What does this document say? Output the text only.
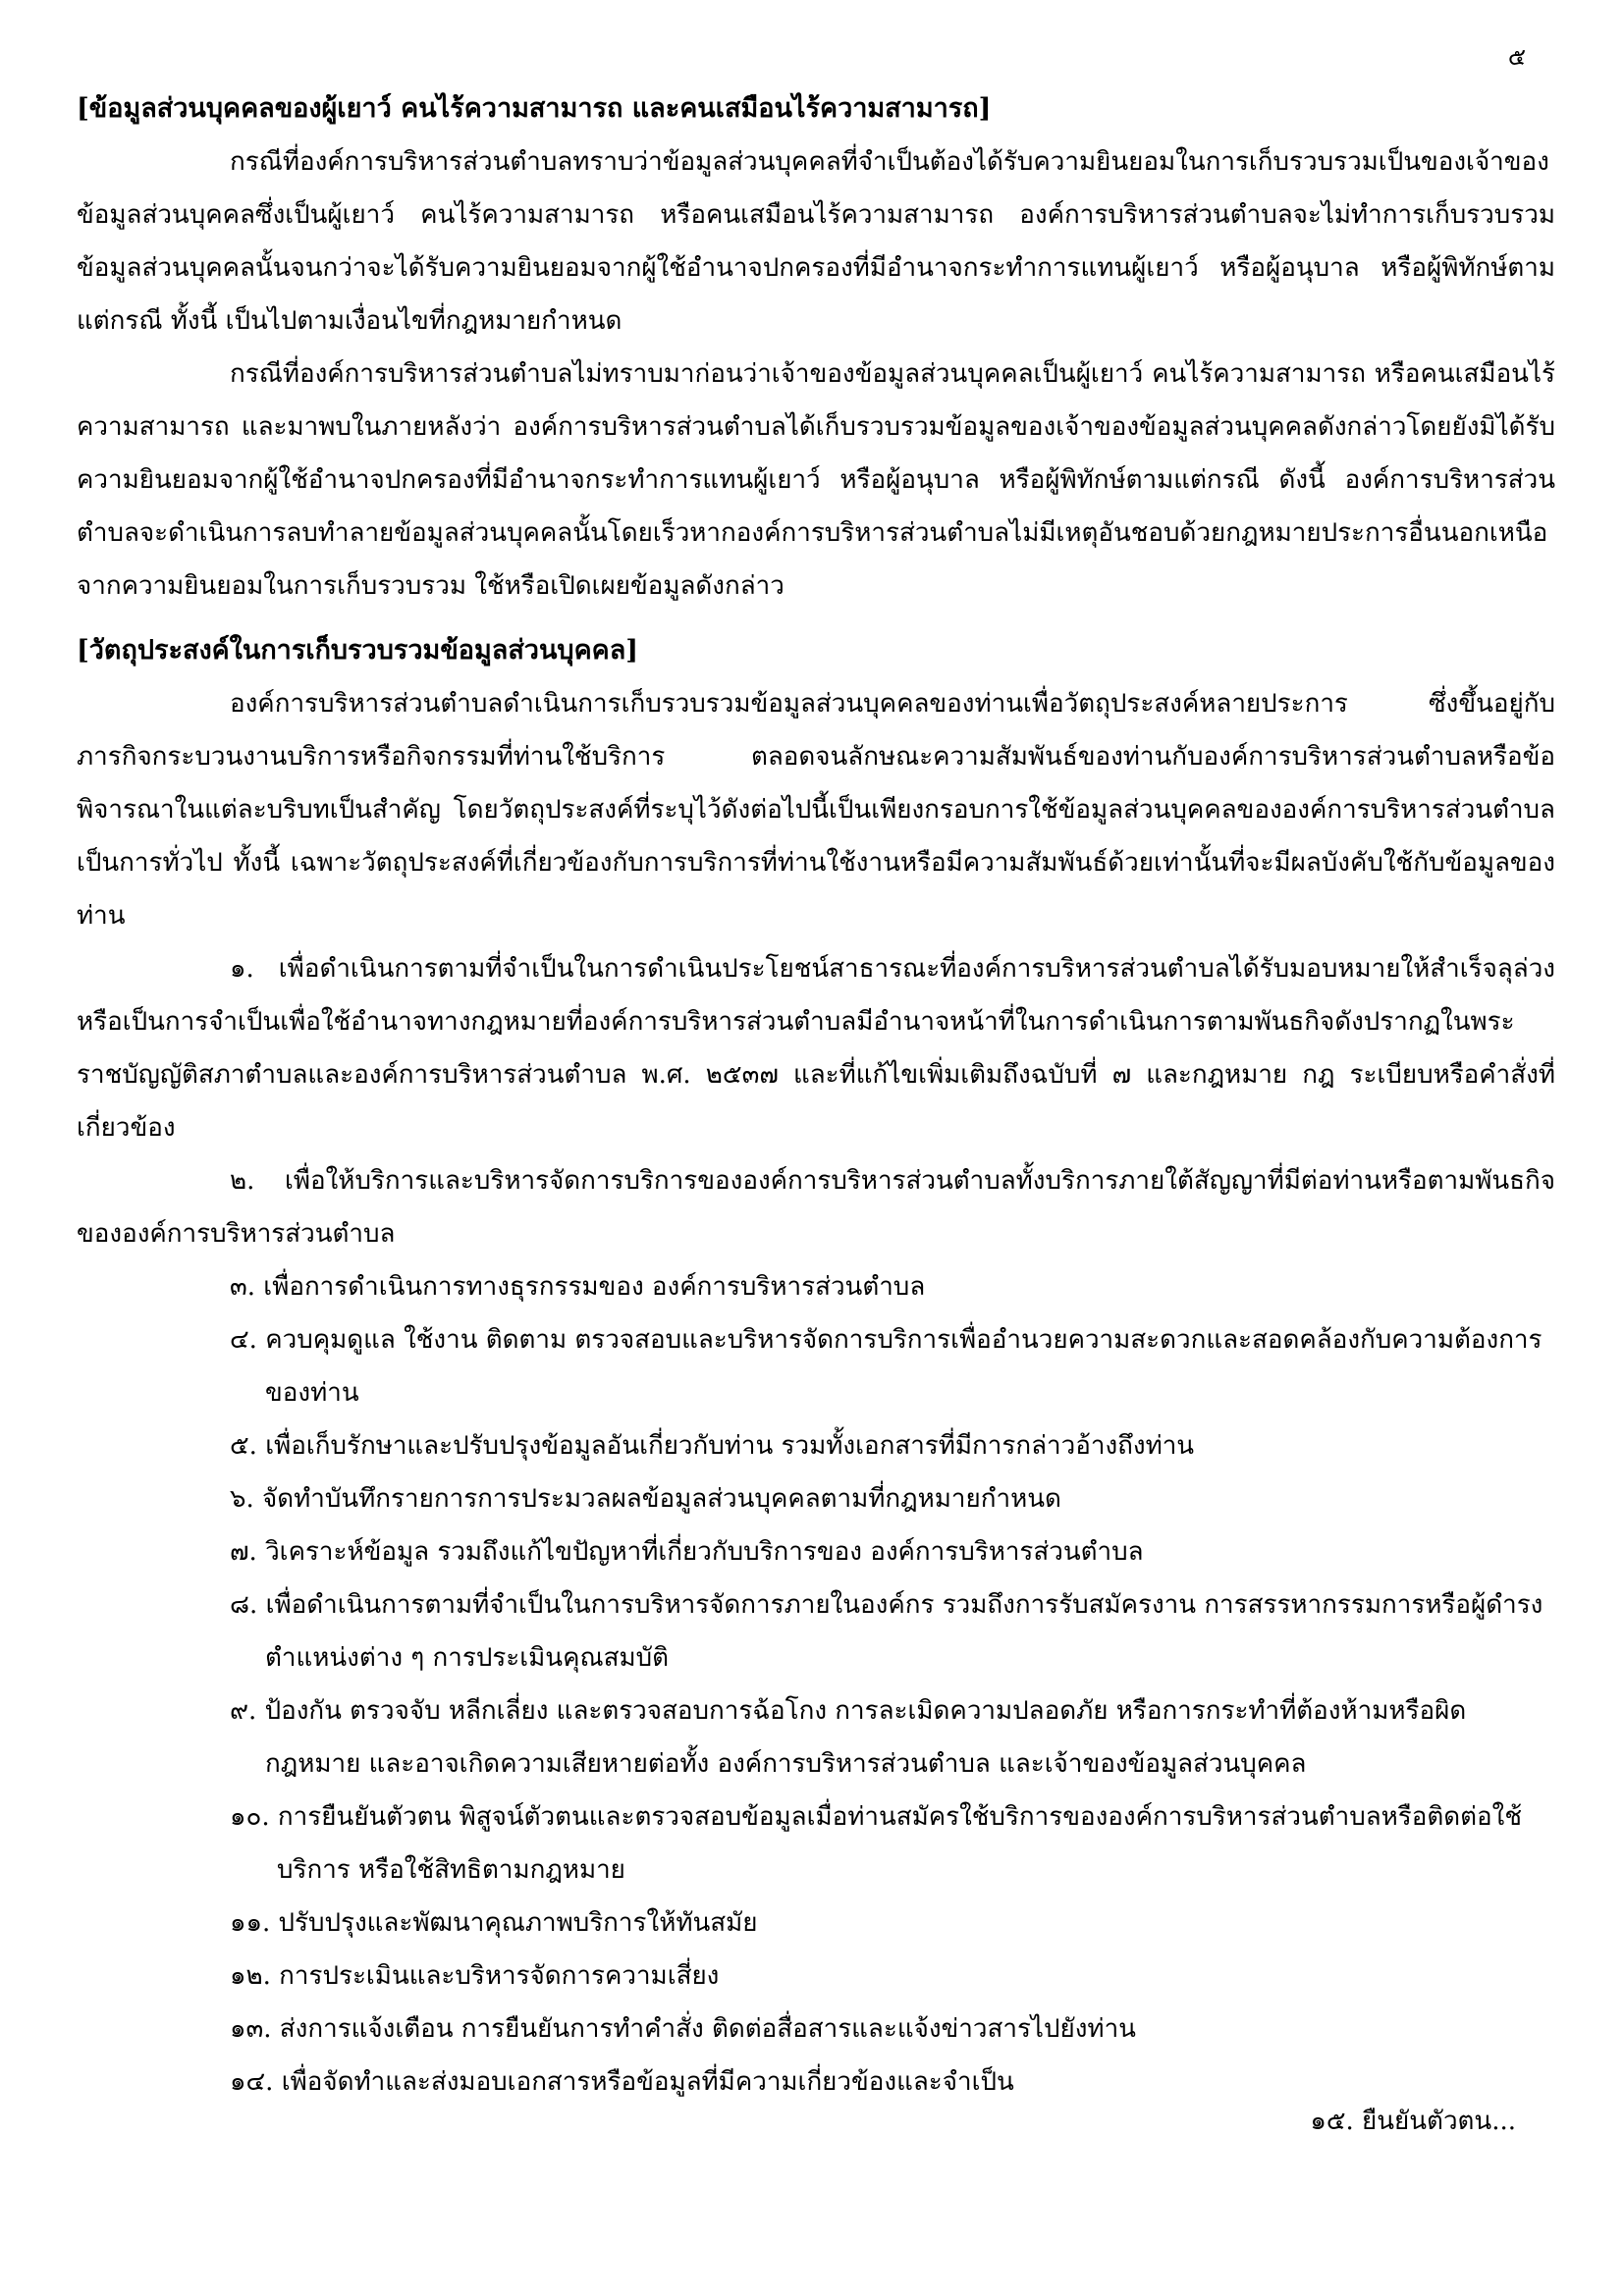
๕

[ข้อมูลส่วนบุคคลของผู้เยาว์ คนไร้ความสามารถ และคนเสมือนไร้ความสามารถ]

กรณีที่องค์การบริหารส่วนตำบลทราบว่าข้อมูลส่วนบุคคลที่จำเป็นต้องได้รับความยินยอมในการเก็บรวบรวมเป็นของเจ้าของข้อมูลส่วนบุคคลซึ่งเป็นผู้เยาว์ คนไร้ความสามารถ หรือคนเสมือนไร้ความสามารถ องค์การบริหารส่วนตำบลจะไม่ทำการเก็บรวบรวมข้อมูลส่วนบุคคลนั้นจนกว่าจะได้รับความยินยอมจากผู้ใช้อำนาจปกครองที่มีอำนาจกระทำการแทนผู้เยาว์ หรือผู้อนุบาล หรือผู้พิทักษ์ตามแต่กรณี ทั้งนี้ เป็นไปตามเงื่อนไขที่กฎหมายกำหนด

กรณีที่องค์การบริหารส่วนตำบลไม่ทราบมาก่อนว่าเจ้าของข้อมูลส่วนบุคคลเป็นผู้เยาว์ คนไร้ความสามารถ หรือคนเสมือนไร้ความสามารถ และมาพบในภายหลังว่า องค์การบริหารส่วนตำบลได้เก็บรวบรวมข้อมูลของเจ้าของข้อมูลส่วนบุคคลดังกล่าวโดยยังมิได้รับความยินยอมจากผู้ใช้อำนาจปกครองที่มีอำนาจกระทำการแทนผู้เยาว์ หรือผู้อนุบาล หรือผู้พิทักษ์ตามแต่กรณี ดังนี้ องค์การบริหารส่วนตำบลจะดำเนินการลบทำลายข้อมูลส่วนบุคคลนั้นโดยเร็วหากองค์การบริหารส่วนตำบลไม่มีเหตุอันชอบด้วยกฎหมายประการอื่นนอกเหนือจากความยินยอมในการเก็บรวบรวม ใช้หรือเปิดเผยข้อมูลดังกล่าว

[วัตถุประสงค์ในการเก็บรวบรวมข้อมูลส่วนบุคคล]

องค์การบริหารส่วนตำบลดำเนินการเก็บรวบรวมข้อมูลส่วนบุคคลของท่านเพื่อวัตถุประสงค์หลายประการ ซึ่งขึ้นอยู่กับภารกิจกระบวนงานบริการหรือกิจกรรมที่ท่านใช้บริการ ตลอดจนลักษณะความสัมพันธ์ของท่านกับองค์การบริหารส่วนตำบลหรือข้อพิจารณาในแต่ละบริบทเป็นสำคัญ โดยวัตถุประสงค์ที่ระบุไว้ดังต่อไปนี้เป็นเพียงกรอบการใช้ข้อมูลส่วนบุคคลขององค์การบริหารส่วนตำบลเป็นการทั่วไป ทั้งนี้ เฉพาะวัตถุประสงค์ที่เกี่ยวข้องกับการบริการที่ท่านใช้งานหรือมีความสัมพันธ์ด้วยเท่านั้นที่จะมีผลบังคับใช้กับข้อมูลของท่าน

๑. เพื่อดำเนินการตามที่จำเป็นในการดำเนินประโยชน์สาธารณะที่องค์การบริหารส่วนตำบลได้รับมอบหมายให้สำเร็จลุล่วง หรือเป็นการจำเป็นเพื่อใช้อำนาจทางกฎหมายที่องค์การบริหารส่วนตำบลมีอำนาจหน้าที่ในการดำเนินการตามพันธกิจดังปรากฏในพระราชบัญญัติสภาตำบลและองค์การบริหารส่วนตำบล พ.ศ. ๒๕๓๗ และที่แก้ไขเพิ่มเติมถึงฉบับที่ ๗ และกฎหมาย กฎ ระเบียบหรือคำสั่งที่เกี่ยวข้อง

๒. เพื่อให้บริการและบริหารจัดการบริการขององค์การบริหารส่วนตำบลทั้งบริการภายใต้สัญญาที่มีต่อท่านหรือตามพันธกิจขององค์การบริหารส่วนตำบล

๓. เพื่อการดำเนินการทางธุรกรรมของ องค์การบริหารส่วนตำบล

๔. ควบคุมดูแล ใช้งาน ติดตาม ตรวจสอบและบริหารจัดการบริการเพื่ออำนวยความสะดวกและสอดคล้องกับความต้องการของท่าน

๕. เพื่อเก็บรักษาและปรับปรุงข้อมูลอันเกี่ยวกับท่าน รวมทั้งเอกสารที่มีการกล่าวอ้างถึงท่าน

๖. จัดทำบันทึกรายการการประมวลผลข้อมูลส่วนบุคคลตามที่กฎหมายกำหนด

๗. วิเคราะห์ข้อมูล รวมถึงแก้ไขปัญหาที่เกี่ยวกับบริการของ องค์การบริหารส่วนตำบล

๘. เพื่อดำเนินการตามที่จำเป็นในการบริหารจัดการภายในองค์กร รวมถึงการรับสมัครงาน การสรรหากรรมการหรือผู้ดำรงตำแหน่งต่าง ๆ การประเมินคุณสมบัติ

๙. ป้องกัน ตรวจจับ หลีกเลี่ยง และตรวจสอบการฉ้อโกง การละเมิดความปลอดภัย หรือการกระทำที่ต้องห้ามหรือผิดกฎหมาย และอาจเกิดความเสียหายต่อทั้ง องค์การบริหารส่วนตำบล และเจ้าของข้อมูลส่วนบุคคล

๑๐. การยืนยันตัวตน พิสูจน์ตัวตนและตรวจสอบข้อมูลเมื่อท่านสมัครใช้บริการขององค์การบริหารส่วนตำบลหรือติดต่อใช้บริการ หรือใช้สิทธิตามกฎหมาย

๑๑. ปรับปรุงและพัฒนาคุณภาพบริการให้ทันสมัย

๑๒. การประเมินและบริหารจัดการความเสี่ยง

๑๓. ส่งการแจ้งเตือน การยืนยันการทำคำสั่ง ติดต่อสื่อสารและแจ้งข่าวสารไปยังท่าน

๑๔. เพื่อจัดทำและส่งมอบเอกสารหรือข้อมูลที่มีความเกี่ยวข้องและจำเป็น

๑๕. ยืนยันตัวตน...
